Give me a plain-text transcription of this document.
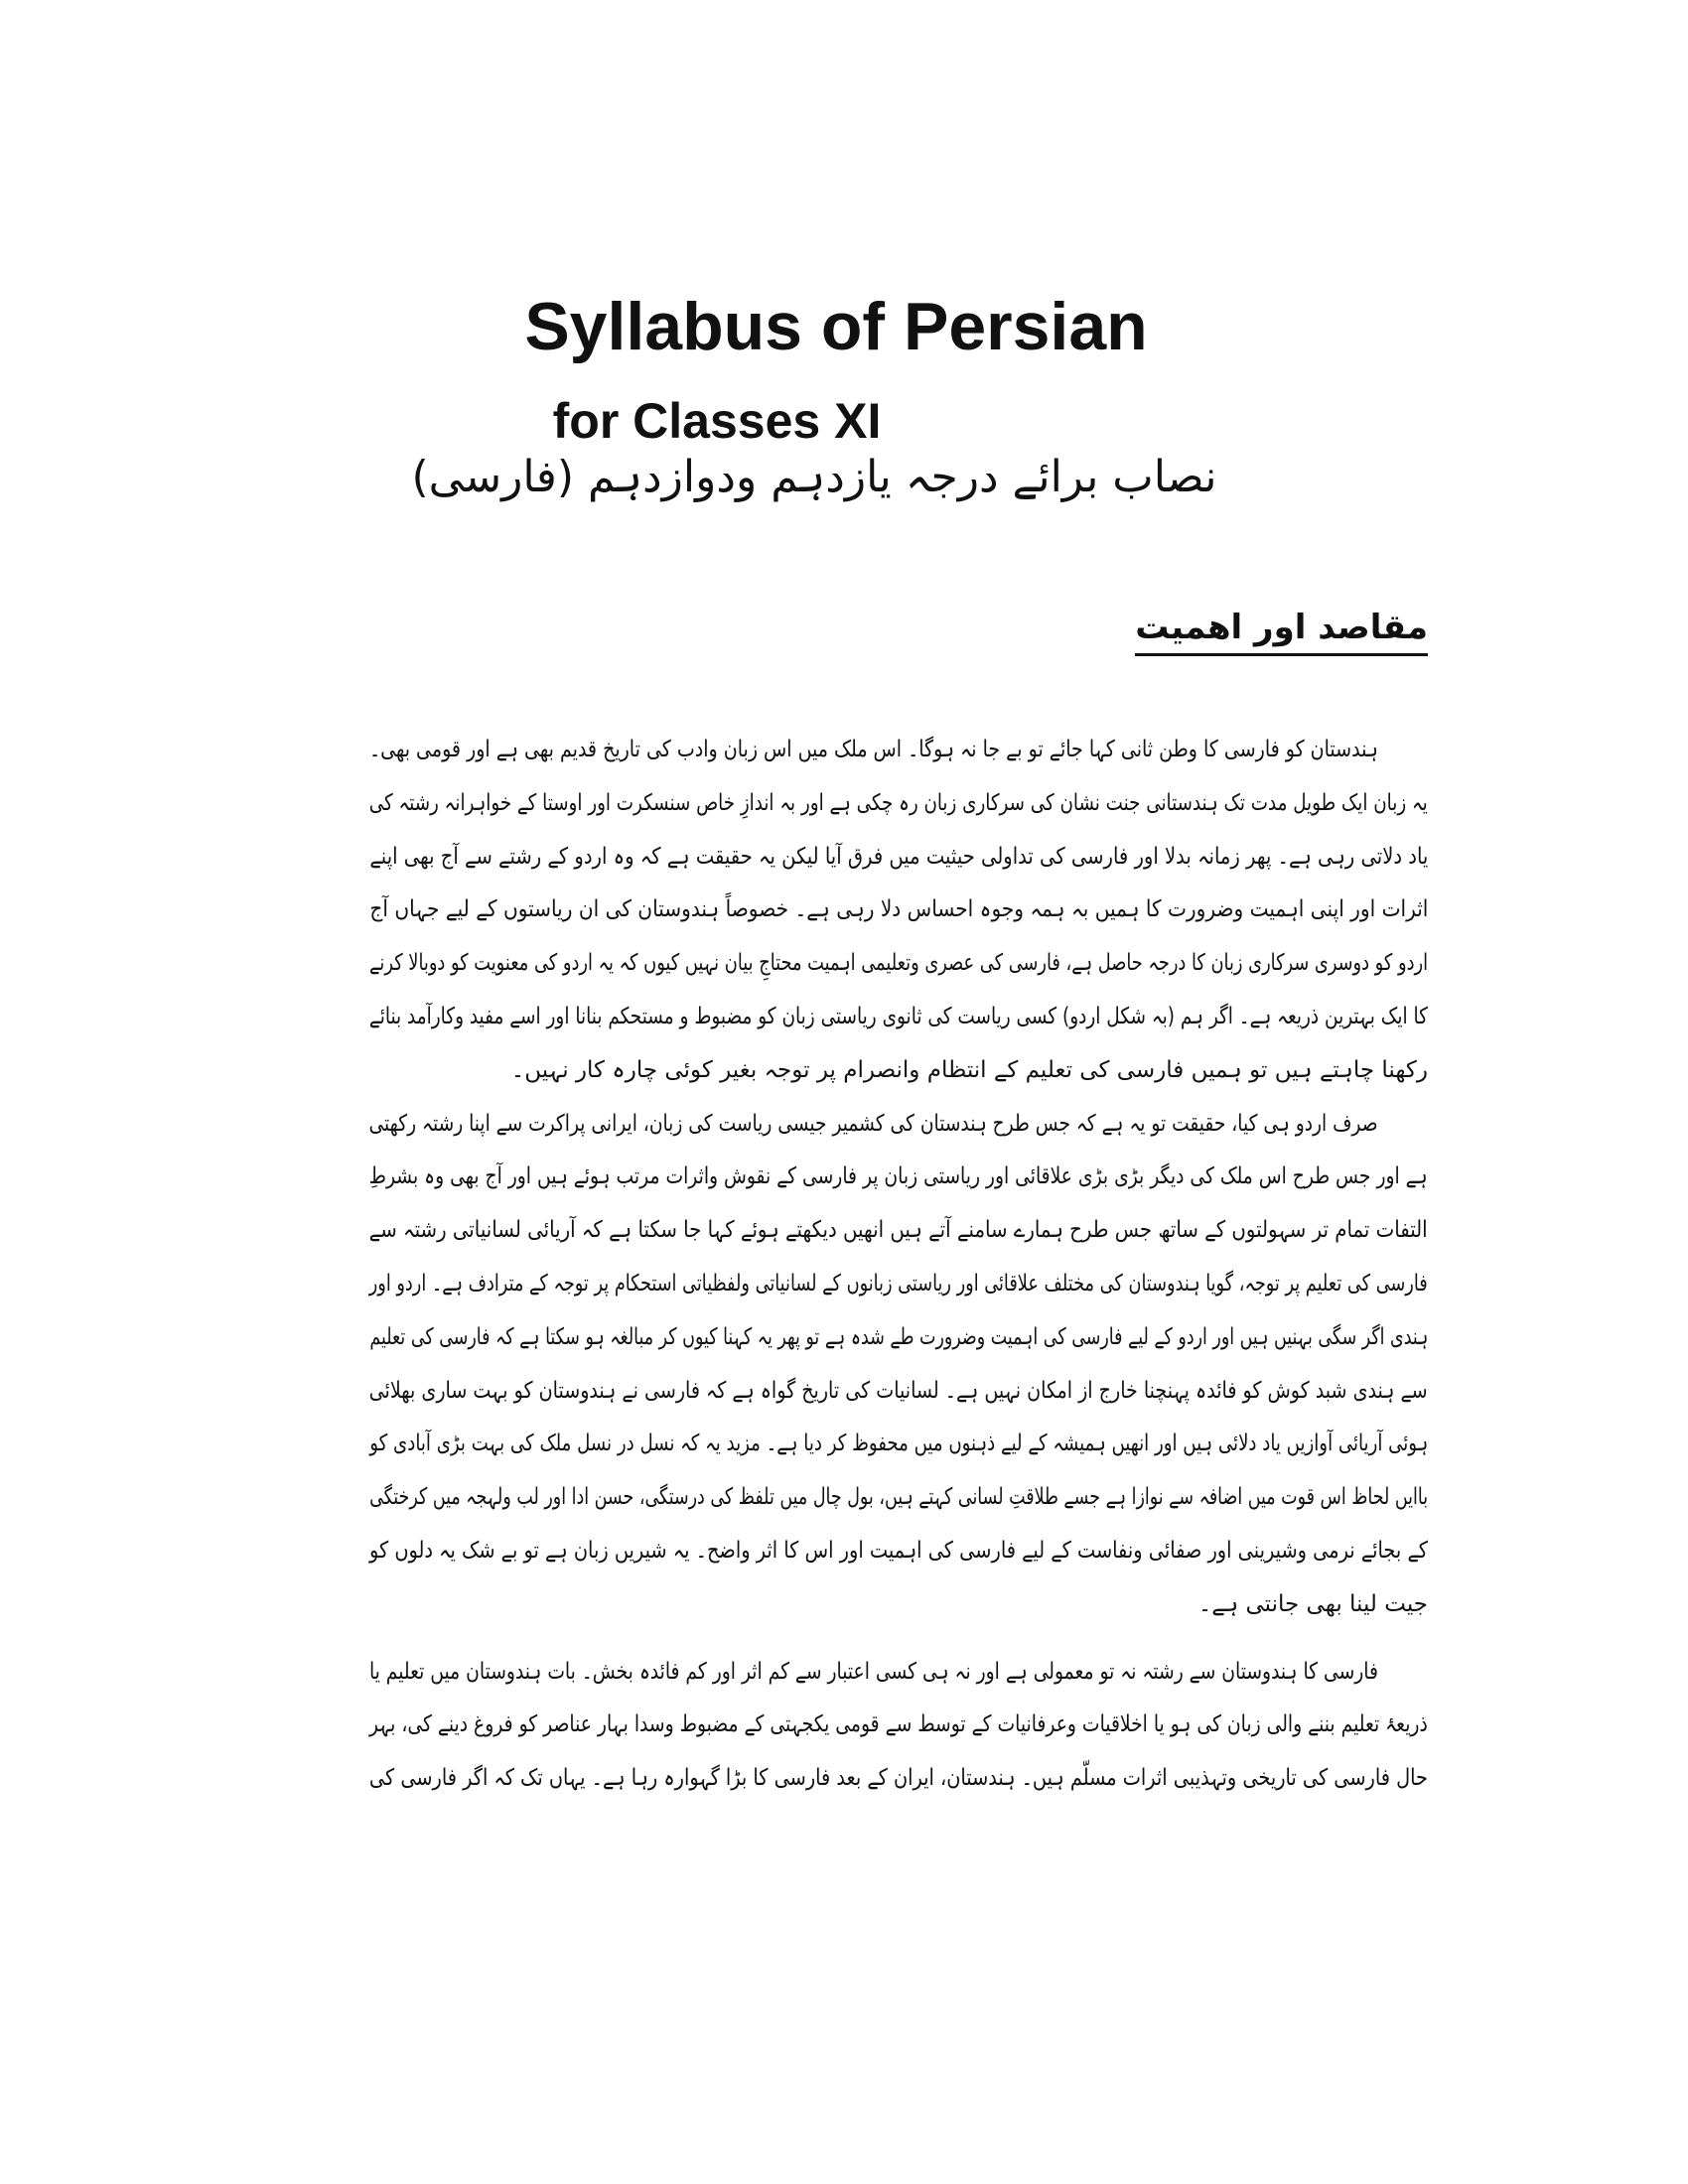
Syllabus of Persian
for Classes XI
نصاب برائے درجہ یازدہم ودوازدہم (فارسی)
مقاصد اور اهمیت
ہندستان کو فارسی کا وطن ثانی کہا جائے تو بے جا نہ ہوگا۔ اس ملک میں اس زبان وادب کی تاریخ قدیم بھی ہے اور قومی بھی۔
یہ زبان ایک طویل مدت تک ہندستانی جنت نشان کی سرکاری زبان رہ چکی ہے اور بہ اندازِ خاص سنسکرت اور اوستا کے خواہرانہ رشتہ کی
یاد دلاتی رہی ہے۔ پھر زمانہ بدلا اور فارسی کی تداولی حیثیت میں فرق آیا لیکن یہ حقیقت ہے کہ وہ اردو کے رشتے سے آج بھی اپنے
اثرات اور اپنی اہمیت وضرورت کا ہمیں بہ ہمہ وجوہ احساس دلا رہی ہے۔ خصوصاً ہندوستان کی ان ریاستوں کے لیے جہاں آج
اردو کو دوسری سرکاری زبان کا درجہ حاصل ہے، فارسی کی عصری وتعلیمی اہمیت محتاجِ بیان نہیں کیوں کہ یہ اردو کی معنویت کو دوبالا کرنے
کا ایک بہترین ذریعہ ہے۔ اگر ہم (بہ شکل اردو) کسی ریاست کی ثانوی ریاستی زبان کو مضبوط و مستحکم بنانا اور اسے مفید وکارآمد بنائے
رکھنا چاہتے ہیں تو ہمیں فارسی کی تعلیم کے انتظام وانصرام پر توجہ بغیر کوئی چارہ کار نہیں۔
صرف اردو ہی کیا، حقیقت تو یہ ہے کہ جس طرح ہندستان کی کشمیر جیسی ریاست کی زبان، ایرانی پراکرت سے اپنا رشتہ رکھتی
ہے اور جس طرح اس ملک کی دیگر بڑی بڑی علاقائی اور ریاستی زبان پر فارسی کے نقوش واثرات مرتب ہوئے ہیں اور آج بھی وہ بشرطِ
التفات تمام تر سہولتوں کے ساتھ جس طرح ہمارے سامنے آتے ہیں انھیں دیکھتے ہوئے کہا جا سکتا ہے کہ آریائی لسانیاتی رشتہ سے
فارسی کی تعلیم پر توجہ، گویا ہندوستان کی مختلف علاقائی اور ریاستی زبانوں کے لسانیاتی ولفظیاتی استحکام پر توجہ کے مترادف ہے۔ اردو اور
ہندی اگر سگی بہنیں ہیں اور اردو کے لیے فارسی کی اہمیت وضرورت طے شدہ ہے تو پھر یہ کہنا کیوں کر مبالغہ ہو سکتا ہے کہ فارسی کی تعلیم
سے ہندی شبد کوش کو فائدہ پہنچنا خارج از امکان نہیں ہے۔ لسانیات کی تاریخ گواہ ہے کہ فارسی نے ہندوستان کو بہت ساری بھلائی
ہوئی آریائی آوازیں یاد دلائی ہیں اور انھیں ہمیشہ کے لیے ذہنوں میں محفوظ کر دیا ہے۔ مزید یہ کہ نسل در نسل ملک کی بہت بڑی آبادی کو
باایں لحاظ اس قوت میں اضافہ سے نوازا ہے جسے طلاقتِ لسانی کہتے ہیں، بول چال میں تلفظ کی درستگی، حسن ادا اور لب ولہجہ میں کرختگی
کے بجائے نرمی وشیرینی اور صفائی ونفاست کے لیے فارسی کی اہمیت اور اس کا اثر واضح۔ یہ شیریں زبان ہے تو بے شک یہ دلوں کو
جیت لینا بھی جانتی ہے۔
فارسی کا ہندوستان سے رشتہ نہ تو معمولی ہے اور نہ ہی کسی اعتبار سے کم اثر اور کم فائدہ بخش۔ بات ہندوستان میں تعلیم یا
ذریعۂ تعلیم بننے والی زبان کی ہو یا اخلاقیات وعرفانیات کے توسط سے قومی یکجہتی کے مضبوط وسدا بہار عناصر کو فروغ دینے کی، بہر
حال فارسی کی تاریخی وتہذیبی اثرات مسلّم ہیں۔ ہندستان، ایران کے بعد فارسی کا بڑا گہوارہ رہا ہے۔ یہاں تک کہ اگر فارسی کی
